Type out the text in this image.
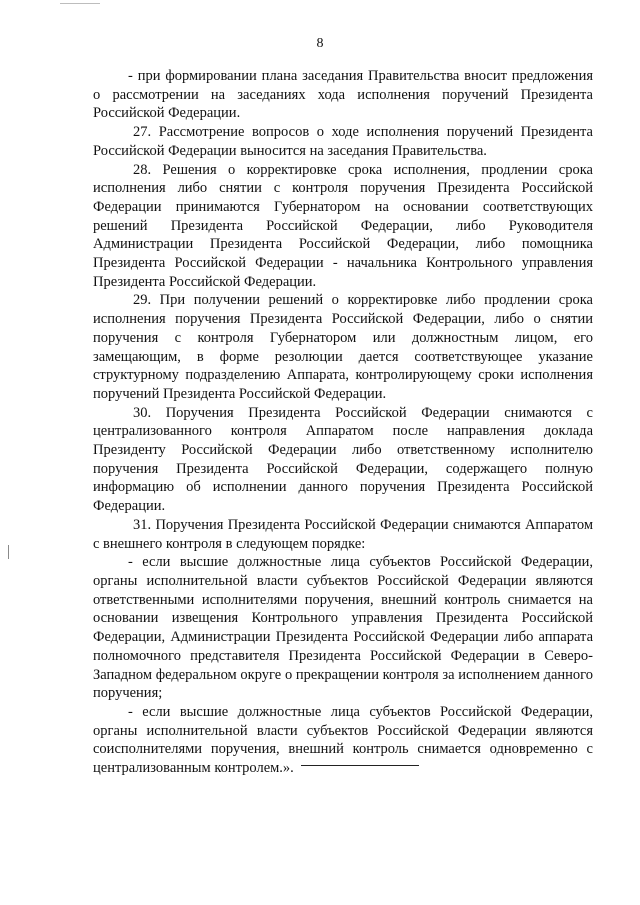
8

- при формировании плана заседания Правительства вносит предложения о рассмотрении на заседаниях хода исполнения поручений Президента Российской Федерации.

27. Рассмотрение вопросов о ходе исполнения поручений Президента Российской Федерации выносится на заседания Правительства.

28. Решения о корректировке срока исполнения, продлении срока исполнения либо снятии с контроля поручения Президента Российской Федерации принимаются Губернатором на основании соответствующих решений Президента Российской Федерации, либо Руководителя Администрации Президента Российской Федерации, либо помощника Президента Российской Федерации - начальника Контрольного управления Президента Российской Федерации.

29. При получении решений о корректировке либо продлении срока исполнения поручения Президента Российской Федерации, либо о снятии поручения с контроля Губернатором или должностным лицом, его замещающим, в форме резолюции дается соответствующее указание структурному подразделению Аппарата, контролирующему сроки исполнения поручений Президента Российской Федерации.

30. Поручения Президента Российской Федерации снимаются с централизованного контроля Аппаратом после направления доклада Президенту Российской Федерации либо ответственному исполнителю поручения Президента Российской Федерации, содержащего полную информацию об исполнении данного поручения Президента Российской Федерации.

31. Поручения Президента Российской Федерации снимаются Аппаратом с внешнего контроля в следующем порядке:

- если высшие должностные лица субъектов Российской Федерации, органы исполнительной власти субъектов Российской Федерации являются ответственными исполнителями поручения, внешний контроль снимается на основании извещения Контрольного управления Президента Российской Федерации, Администрации Президента Российской Федерации либо аппарата полномочного представителя Президента Российской Федерации в Северо-Западном федеральном округе о прекращении контроля за исполнением данного поручения;

- если высшие должностные лица субъектов Российской Федерации, органы исполнительной власти субъектов Российской Федерации являются соисполнителями поручения, внешний контроль снимается одновременно с централизованным контролем.».
